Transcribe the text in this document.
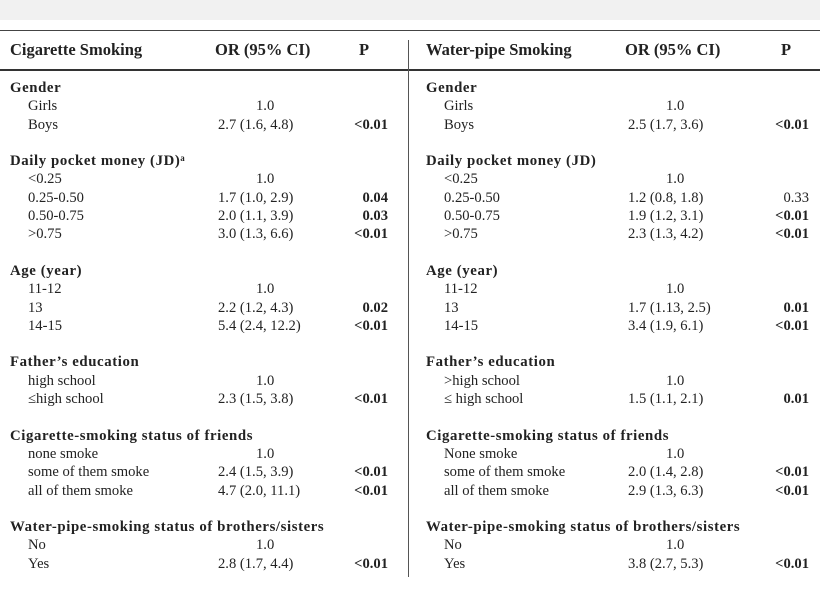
Cigarette Smoking	OR (95% CI)	P
Gender
Girls	1.0
Boys	2.7 (1.6, 4.8)	<0.01
Daily pocket money (JD)ᵃ
<0.25	1.0
0.25-0.50	1.7 (1.0, 2.9)	0.04
0.50-0.75	2.0 (1.1, 3.9)	0.03
>0.75	3.0 (1.3, 6.6)	<0.01
Age (year)
11-12	1.0
13	2.2 (1.2, 4.3)	0.02
14-15	5.4 (2.4, 12.2)	<0.01
Father’s education
high school	1.0
≤high school	2.3 (1.5, 3.8)	<0.01
Cigarette-smoking status of friends
none smoke	1.0
some of them smoke	2.4 (1.5, 3.9)	<0.01
all of them smoke	4.7 (2.0, 11.1)	<0.01
Water-pipe-smoking status of brothers/sisters
No	1.0
Yes	2.8 (1.7, 4.4)	<0.01
Water-pipe Smoking	OR (95% CI)	P
Gender
Girls	1.0
Boys	2.5 (1.7, 3.6)	<0.01
Daily pocket money (JD)
<0.25	1.0
0.25-0.50	1.2 (0.8, 1.8)	0.33
0.50-0.75	1.9 (1.2, 3.1)	<0.01
>0.75	2.3 (1.3, 4.2)	<0.01
Age (year)
11-12	1.0
13	1.7 (1.13, 2.5)	0.01
14-15	3.4 (1.9, 6.1)	<0.01
Father’s education
>high school	1.0
≤ high school	1.5 (1.1, 2.1)	0.01
Cigarette-smoking status of friends
None smoke	1.0
some of them smoke	2.0 (1.4, 2.8)	<0.01
all of them smoke	2.9 (1.3, 6.3)	<0.01
Water-pipe-smoking status of brothers/sisters
No	1.0
Yes	3.8 (2.7, 5.3)	<0.01
